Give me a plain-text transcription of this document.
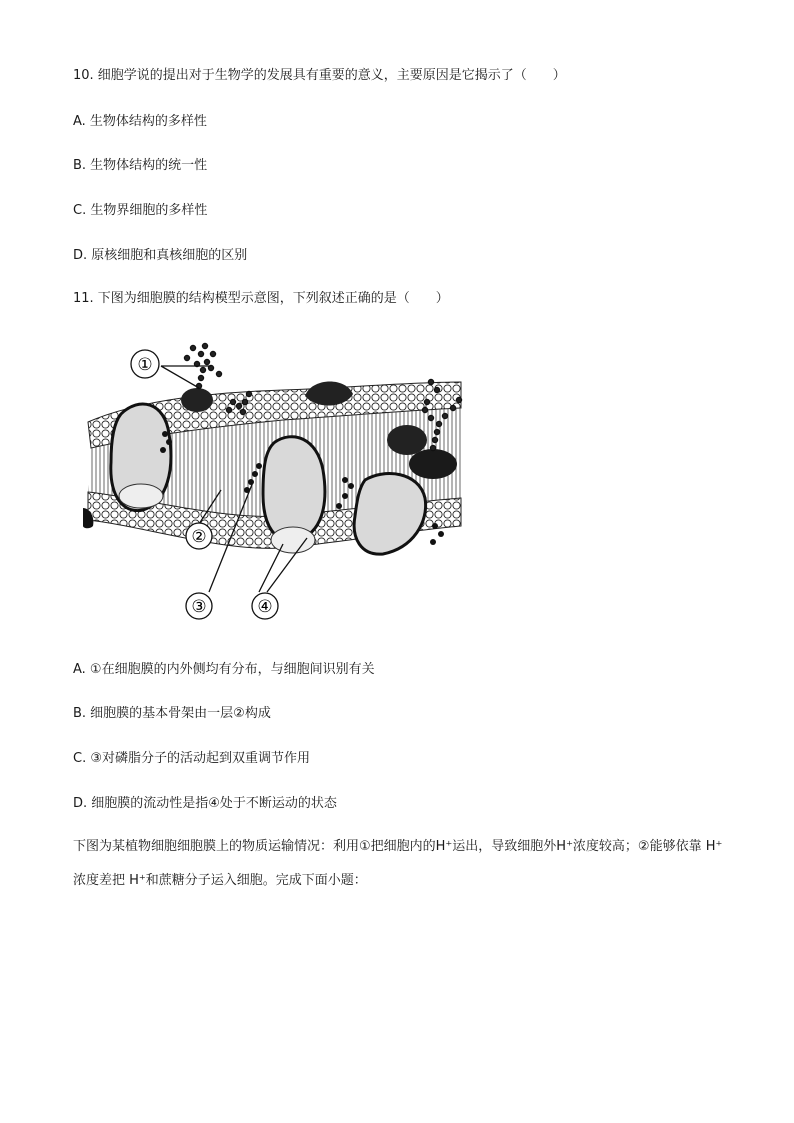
10. 细胞学说的提出对于生物学的发展具有重要的意义，主要原因是它揭示了（　　）
A. 生物体结构的多样性
B. 生物体结构的统一性
C. 生物界细胞的多样性
D. 原核细胞和真核细胞的区别
11. 下图为细胞膜的结构模型示意图，下列叙述正确的是（　　）
①
②
③	④
A. ①在细胞膜的内外侧均有分布，与细胞间识别有关
B. 细胞膜的基本骨架由一层②构成
C. ③对磷脂分子的活动起到双重调节作用
D. 细胞膜的流动性是指④处于不断运动的状态
下图为某植物细胞细胞膜上的物质运输情况：利用①把细胞内的H⁺运出，导致细胞外H⁺浓度较高；②能够依靠 H⁺浓度差把 H⁺和蔗糖分子运入细胞。完成下面小题：
